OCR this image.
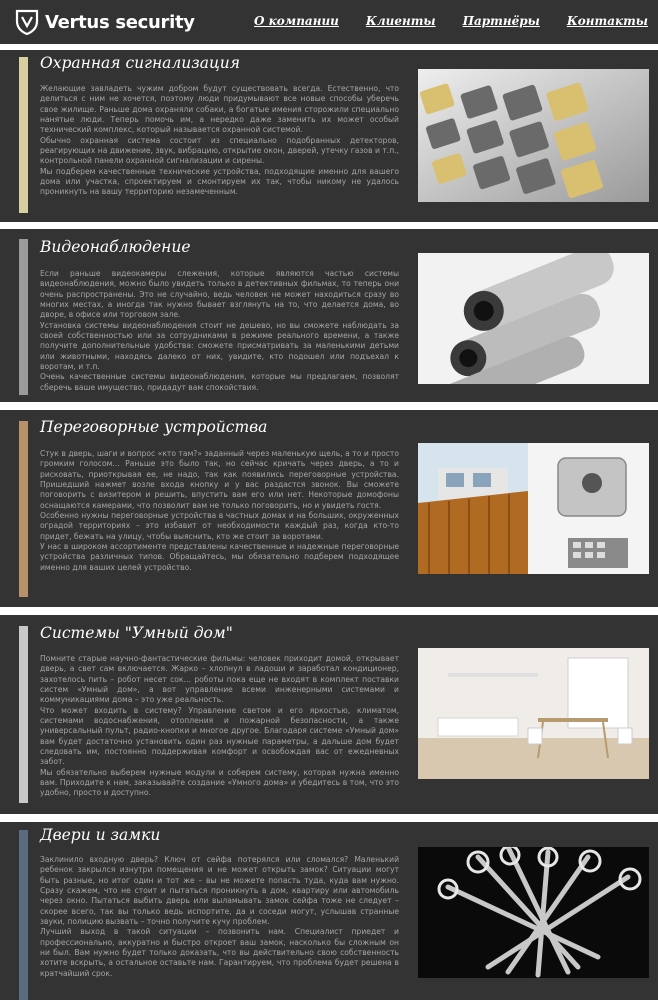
Vertus security	О компании Клиенты Партнёры Контакты
Охранная сигнализация

Желающие завладеть чужим добром будут существовать всегда. Естественно, что делиться с ним не хочется, поэтому люди придумывают все новые способы уберечь свое жилище. Раньше дома охраняли собаки, а богатые имения сторожили специально нанятые люди. Теперь помочь им, а нередко даже заменить их может особый технический комплекс, который называется охранной системой.

Обычно охранная система состоит из специально подобранных детекторов, реагирующих на движение, звук, вибрацию, открытие окон, дверей, утечку газов и т.п., контрольной панели охранной сигнализации и сирены.

Мы подберем качественные технические устройства, подходящие именно для вашего дома или участка, спроектируем и смонтируем их так, чтобы никому не удалось проникнуть на вашу территорию незамеченным.

Видеонаблюдение

Если раньше видеокамеры слежения, которые являются частью системы видеонаблюдения, можно было увидеть только в детективных фильмах, то теперь они очень распространены. Это не случайно, ведь человек не может находиться сразу во многих местах, а иногда так нужно бывает взглянуть на то, что делается дома, во дворе, в офисе или торговом зале.

Установка системы видеонаблюдения стоит не дешево, но вы сможете наблюдать за своей собственностью или за сотрудниками в режиме реального времени, а также получите дополнительные удобства: сможете присматривать за маленькими детьми или животными, находясь далеко от них, увидите, кто подошел или подъехал к воротам, и т.п.

Очень качественные системы видеонаблюдения, которые мы предлагаем, позволят сберечь ваше имущество, придадут вам спокойствия.

Переговорные устройства

Стук в дверь, шаги и вопрос «кто там?» заданный через маленькую щель, а то и просто громким голосом… Раньше это было так, но сейчас кричать через дверь, а то и рисковать, приоткрывая ее, не надо, так как появились переговорные устройства. Пришедший нажмет возле входа кнопку и у вас раздастся звонок. Вы сможете поговорить с визитером и решить, впустить вам его или нет. Некоторые домофоны оснащаются камерами, что позволит вам не только поговорить, но и увидеть гостя.

Особенно нужны переговорные устройства в частных домах и на больших, окруженных оградой территориях – это избавит от необходимости каждый раз, когда кто-то придет, бежать на улицу, чтобы выяснить, кто же стоит за воротами.

У нас в широком ассортименте представлены качественные и надежные переговорные устройства различных типов. Обращайтесь, мы обязательно подберем подходящее именно для ваших целей устройство.

Системы "Умный дом"

Помните старые научно-фантастические фильмы: человек приходит домой, открывает дверь, а свет сам включается. Жарко – хлопнул в ладоши и заработал кондиционер, захотелось пить – робот несет сок… роботы пока еще не входят в комплект поставки систем «Умный дом», а вот управление всеми инженерными системами и коммуникациями дома – это уже реальность.

Что может входить в систему? Управление светом и его яркостью, климатом, системами водоснабжения, отопления и пожарной безопасности, а также универсальный пульт, радио-кнопки и многое другое. Благодаря системе «Умный дом» вам будет достаточно установить один раз нужные параметры, а дальше дом будет следовать им, постоянно поддерживая комфорт и освобождая вас от ежедневных забот.

Мы обязательно выберем нужные модули и соберем систему, которая нужна именно вам. Приходите к нам, заказывайте создание «Умного дома» и убедитесь в том, что это удобно, просто и доступно.

Двери и замки

Заклинило входную дверь? Ключ от сейфа потерялся или сломался? Маленький ребенок закрылся изнутри помещения и не может открыть замок? Ситуации могут быть разные, но итог один и тот же – вы не можете попасть туда, куда вам нужно. Сразу скажем, что не стоит и пытаться проникнуть в дом, квартиру или автомобиль через окно. Пытаться выбить дверь или выламывать замок сейфа тоже не следует – скорее всего, так вы только ведь испортите, да и соседи могут, услышав странные звуки, полицию вызвать – точно получите кучу проблем.

Лучший выход в такой ситуации – позвонить нам. Специалист приедет и профессионально, аккуратно и быстро откроет ваш замок, насколько бы сложным он ни был. Вам нужно будет только доказать, что вы действительно свою собственность хотите вскрыть, а остальное оставьте нам. Гарантируем, что проблема будет решена в кратчайший срок.
